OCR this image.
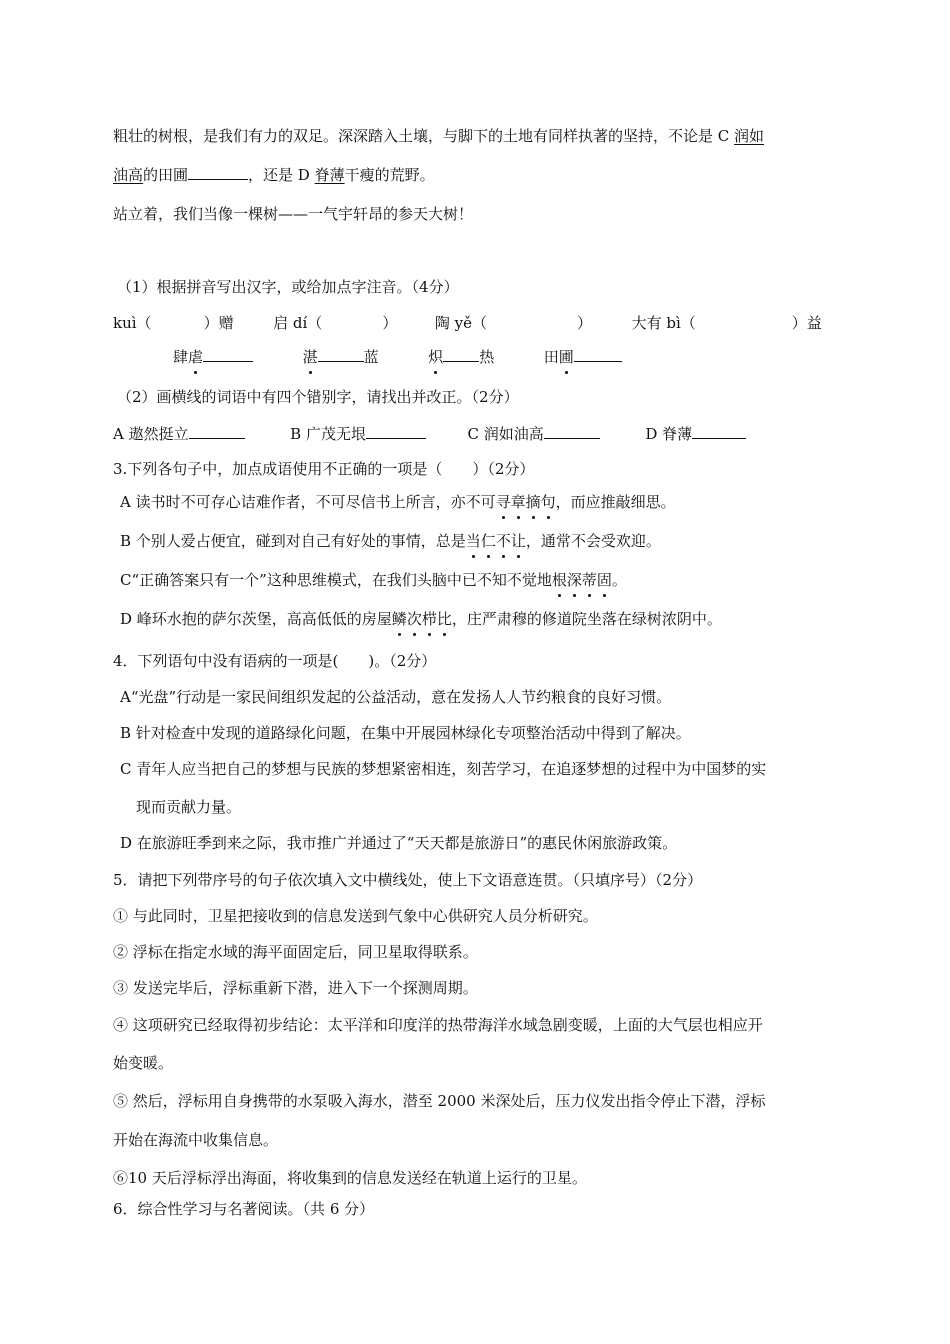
粗壮的树根，是我们有力的双足。深深踏入土壤，与脚下的土地有同样执著的坚持，不论是 C 润如
油高的田圃	，还是 D 脊薄干瘦的荒野。
站立着，我们当像一棵树——一气宇轩昂的参天大树！
（1）根据拼音写出汉字，或给加点字注音。（4分）
kuì（	）赠	启 dí（	）	陶 yě（	）	大有 bì（	）益
肆虐	湛	蓝	炽 热	田圃
（2）画横线的词语中有四个错别字，请找出并改正。（2分）
A 遨然挺立	B 广茂无垠	C 润如油高	D 脊薄
3.下列各句子中，加点成语使用不正确的一项是（　　）（2分）
A 读书时不可存心诘难作者，不可尽信书上所言，亦不可寻章摘句，而应推敲细思。
B 个别人爱占便宜，碰到对自己有好处的事情，总是当仁不让，通常不会受欢迎。
C“正确答案只有一个”这种思维模式，在我们头脑中已不知不觉地根深蒂固。
D 峰环水抱的萨尔茨堡，高高低低的房屋鳞次栉比，庄严肃穆的修道院坐落在绿树浓阴中。
4．下列语句中没有语病的一项是(　　)。（2分）
A“光盘”行动是一家民间组织发起的公益活动，意在发扬人人节约粮食的良好习惯。
B 针对检查中发现的道路绿化问题，在集中开展园林绿化专项整治活动中得到了解决。
C 青年人应当把自己的梦想与民族的梦想紧密相连，刻苦学习，在追逐梦想的过程中为中国梦的实
现而贡献力量。
D 在旅游旺季到来之际，我市推广并通过了“天天都是旅游日”的惠民休闲旅游政策。
5．请把下列带序号的句子依次填入文中横线处，使上下文语意连贯。（只填序号）（2分）
① 与此同时，卫星把接收到的信息发送到气象中心供研究人员分析研究。
② 浮标在指定水域的海平面固定后，同卫星取得联系。
③ 发送完毕后，浮标重新下潜，进入下一个探测周期。
④ 这项研究已经取得初步结论：太平洋和印度洋的热带海洋水域急剧变暖，上面的大气层也相应开
始变暖。
⑤ 然后，浮标用自身携带的水泵吸入海水，潜至 2000 米深处后，压力仪发出指令停止下潜，浮标
开始在海流中收集信息。
⑥10 天后浮标浮出海面，将收集到的信息发送经在轨道上运行的卫星。
6．综合性学习与名著阅读。（共 6 分）
